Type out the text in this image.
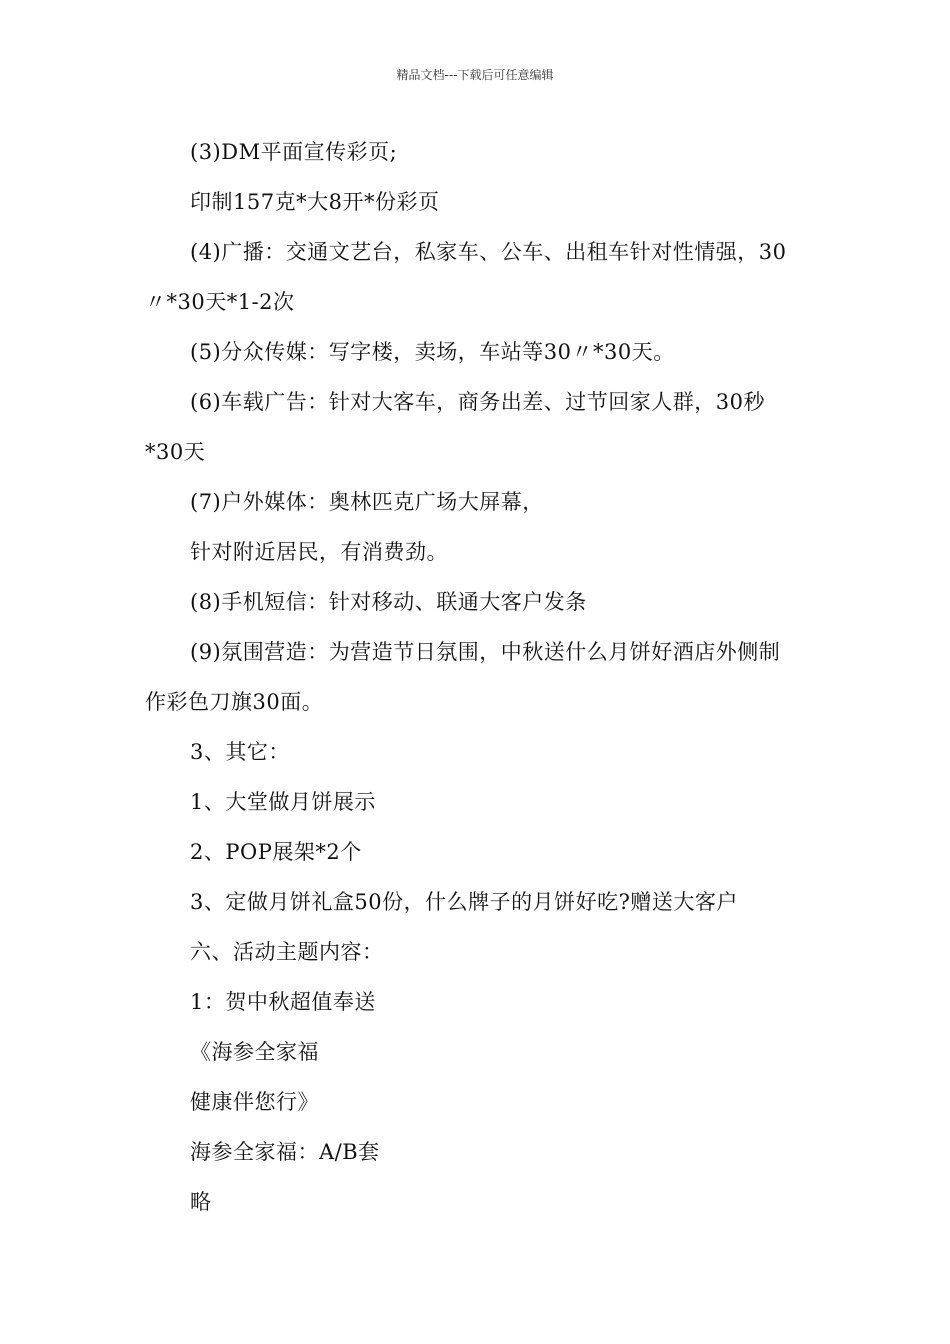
精品文档---下载后可任意编辑
(3)DM平面宣传彩页;
印制157克*大8开*份彩页
(4)广播：交通文艺台，私家车、公车、出租车针对性情强，30
〃*30天*1-2次
(5)分众传媒：写字楼，卖场，车站等30〃*30天。
(6)车载广告：针对大客车，商务出差、过节回家人群，30秒
*30天
(7)户外媒体：奥林匹克广场大屏幕，
针对附近居民，有消费劲。
(8)手机短信：针对移动、联通大客户发条
(9)氛围营造：为营造节日氛围，中秋送什么月饼好酒店外侧制
作彩色刀旗30面。
3、其它：
1、大堂做月饼展示
2、POP展架*2个
3、定做月饼礼盒50份，什么牌子的月饼好吃?赠送大客户
六、活动主题内容：
1：贺中秋超值奉送
《海参全家福
健康伴您行》
海参全家福：A/B套
略
